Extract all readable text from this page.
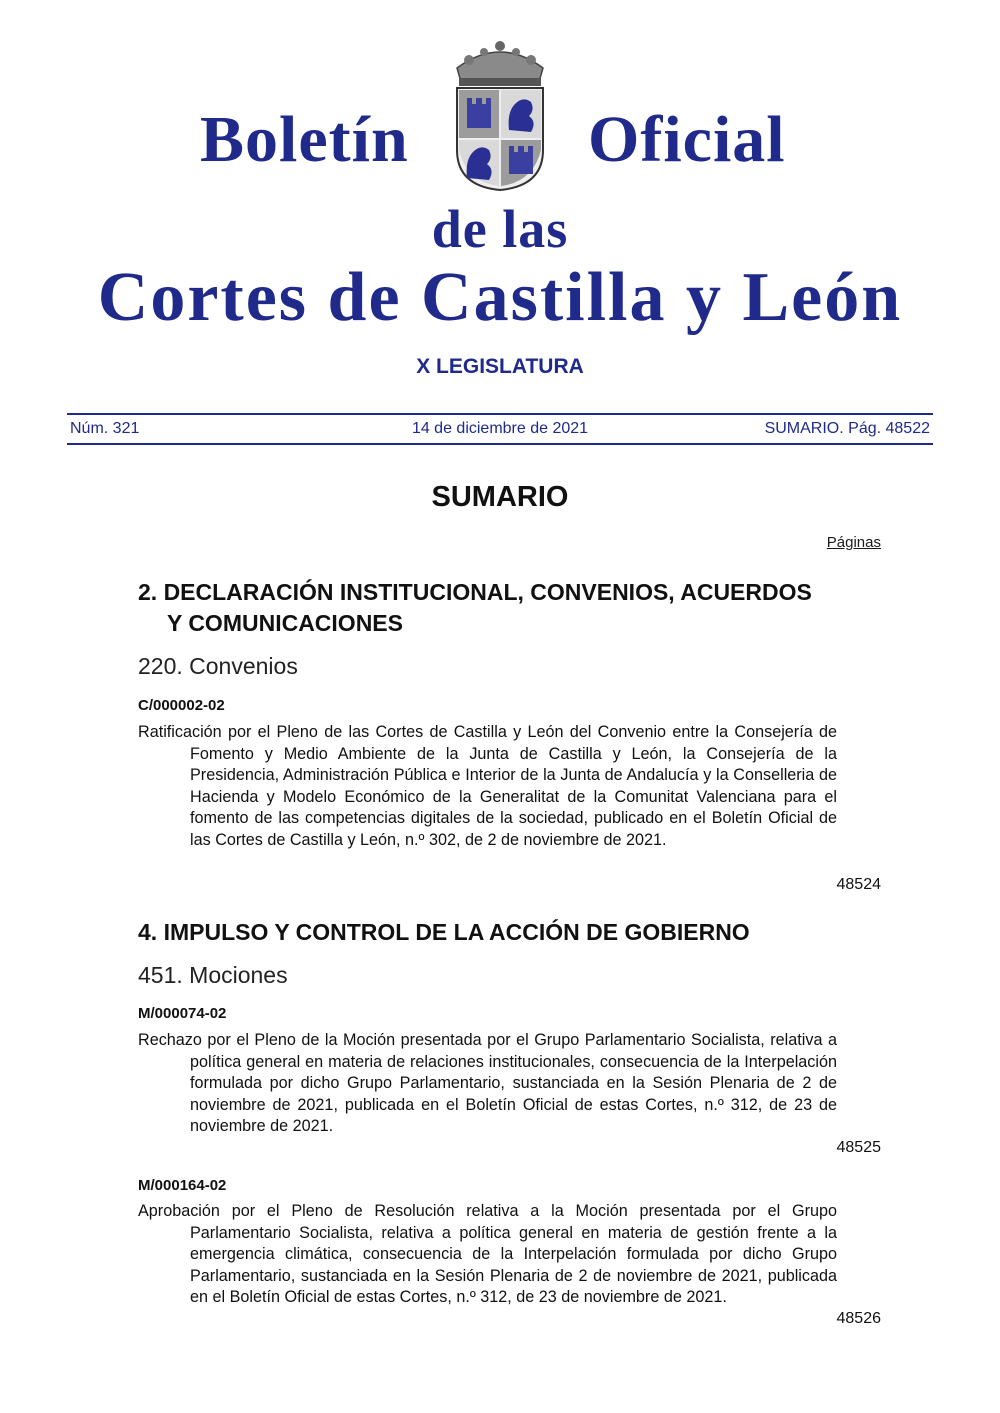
Boletín	Oficial
de las
Cortes de Castilla y León
X LEGISLATURA
Núm. 321	14 de diciembre de 2021	SUMARIO. Pág. 48522
SUMARIO
Páginas
2. DECLARACIÓN INSTITUCIONAL, CONVENIOS, ACUERDOS
Y COMUNICACIONES
220. Convenios
C/000002-02
Ratificación por el Pleno de las Cortes de Castilla y León del Convenio entre la Consejería de Fomento y Medio Ambiente de la Junta de Castilla y León, la Consejería de la Presidencia, Administración Pública e Interior de la Junta de Andalucía y la Conselleria de Hacienda y Modelo Económico de la Generalitat de la Comunitat Valenciana para el fomento de las competencias digitales de la sociedad, publicado en el Boletín Oficial de las Cortes de Castilla y León, n.º 302, de 2 de noviembre de 2021.
48524
4. IMPULSO Y CONTROL DE LA ACCIÓN DE GOBIERNO
451. Mociones
M/000074-02
Rechazo por el Pleno de la Moción presentada por el Grupo Parlamentario Socialista, relativa a política general en materia de relaciones institucionales, consecuencia de la Interpelación formulada por dicho Grupo Parlamentario, sustanciada en la Sesión Plenaria de 2 de noviembre de 2021, publicada en el Boletín Oficial de estas Cortes, n.º 312, de 23 de noviembre de 2021.
48525
M/000164-02
Aprobación por el Pleno de Resolución relativa a la Moción presentada por el Grupo Parlamentario Socialista, relativa a política general en materia de gestión frente a la emergencia climática, consecuencia de la Interpelación formulada por dicho Grupo Parlamentario, sustanciada en la Sesión Plenaria de 2 de noviembre de 2021, publicada en el Boletín Oficial de estas Cortes, n.º 312, de 23 de noviembre de 2021.
48526
